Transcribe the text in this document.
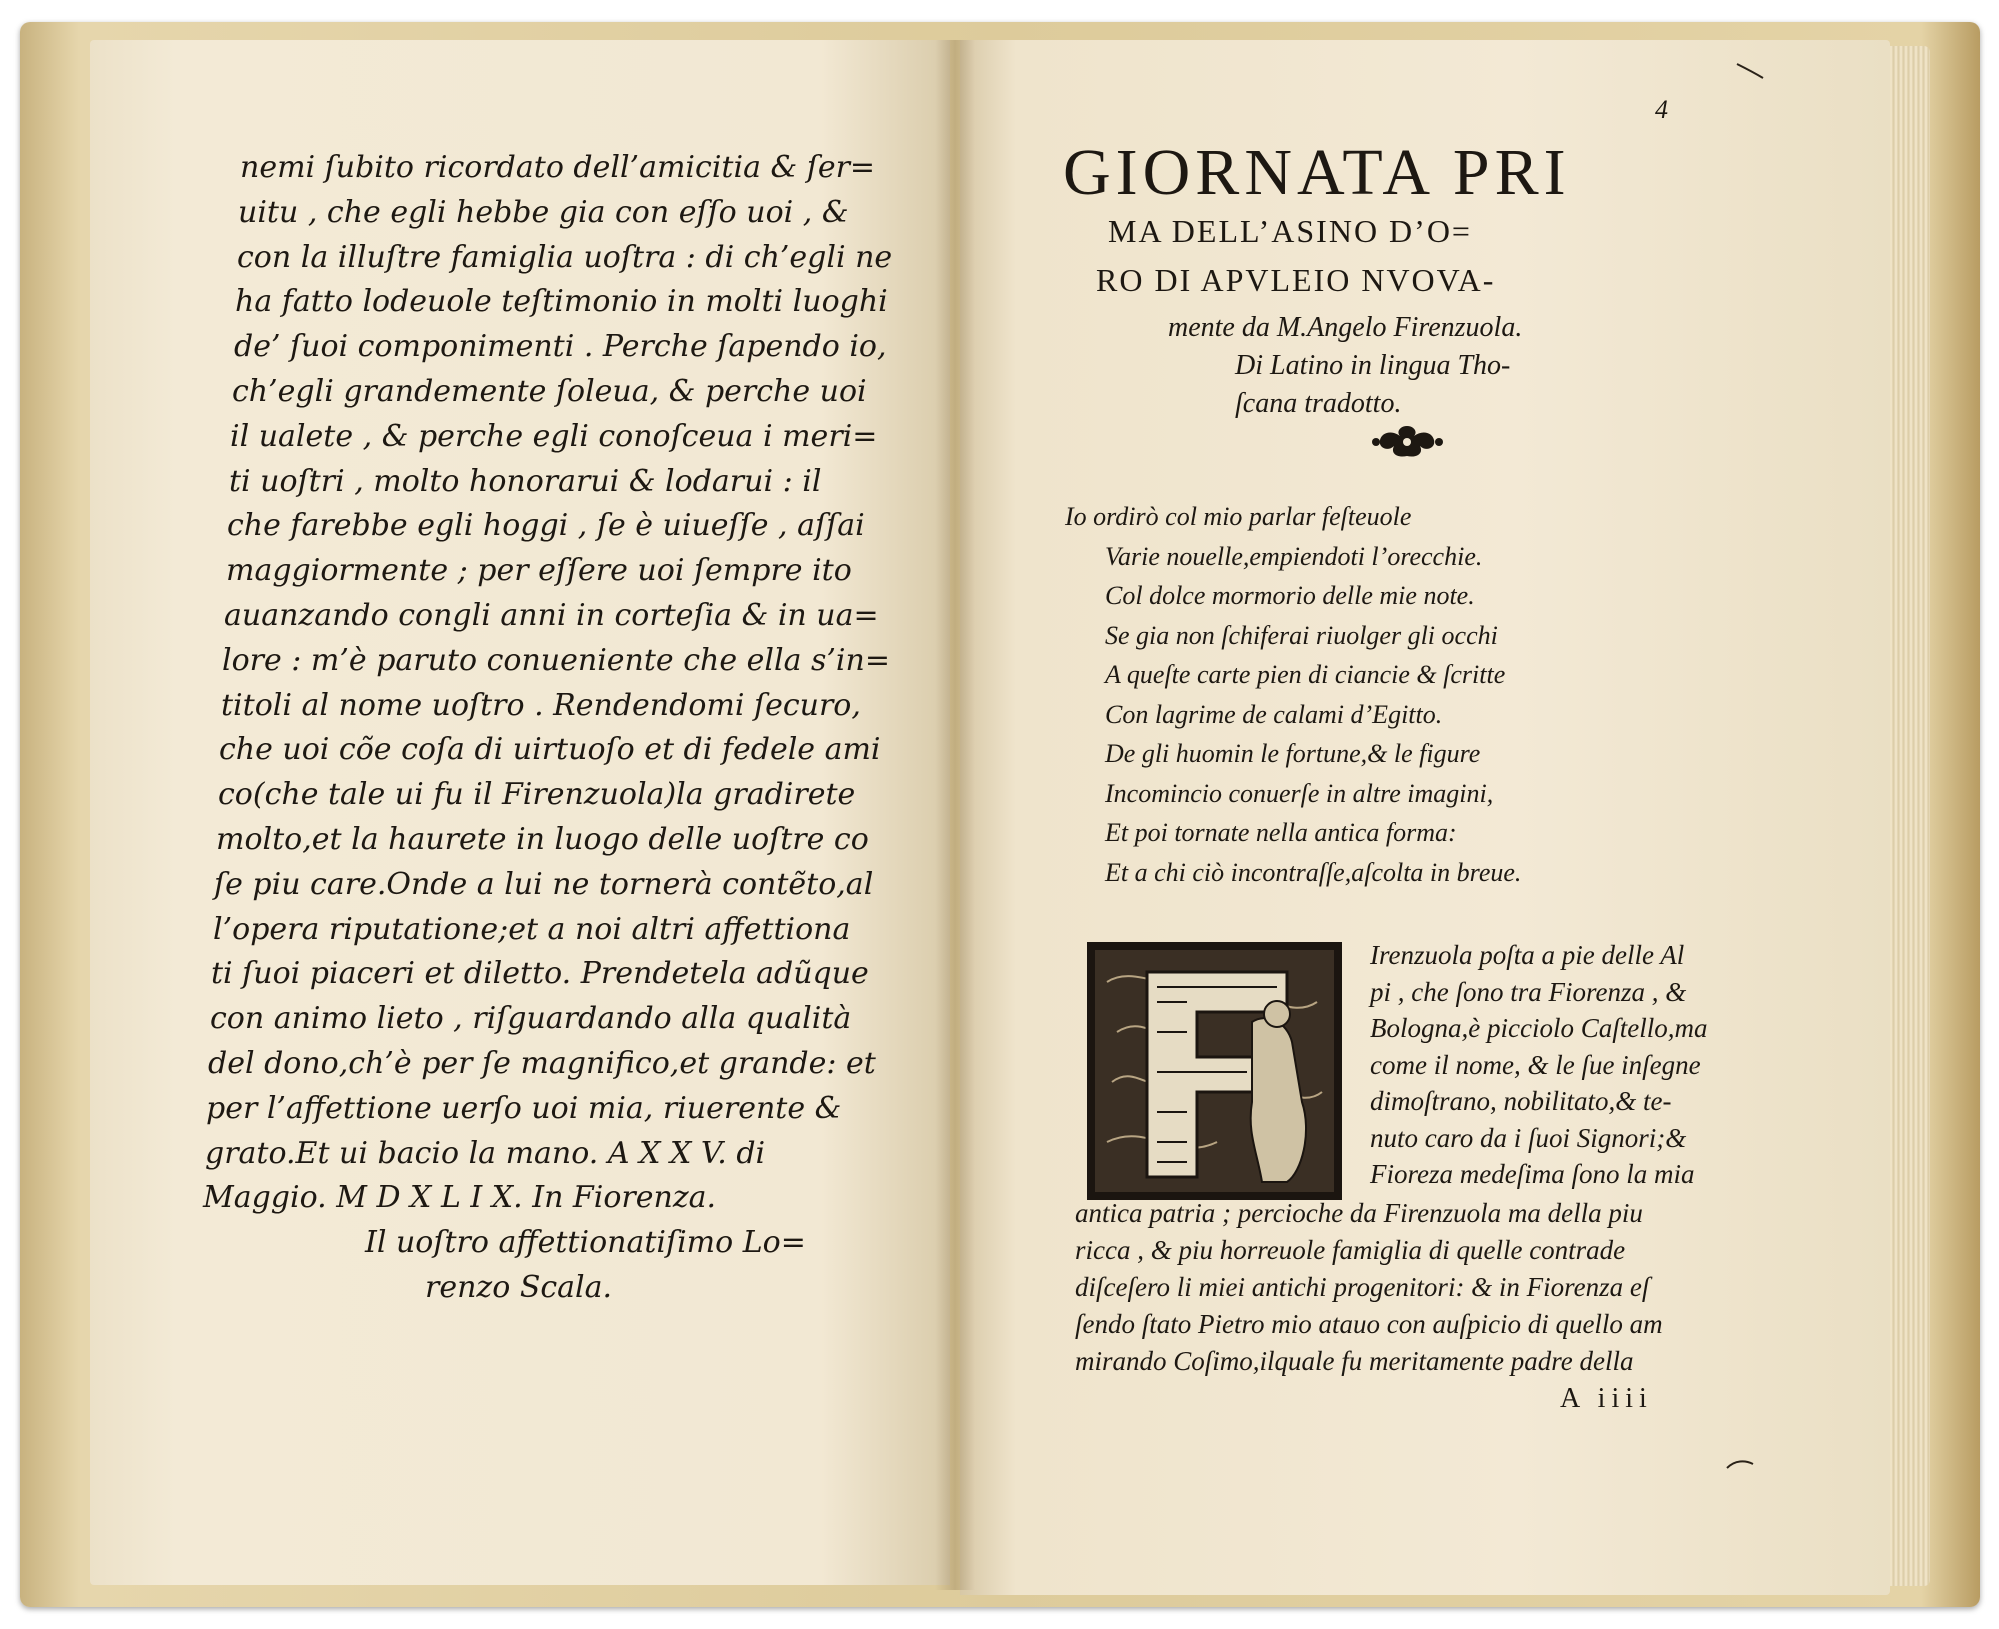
nemi ſubito ricordato dell’amicitia & ſer=
uitu , che egli hebbe gia con eſſo uoi , &
con la illuſtre famiglia uoſtra : di ch’egli ne
ha fatto lodeuole teſtimonio in molti luoghi
de’ ſuoi componimenti . Perche ſapendo io,
ch’egli grandemente ſoleua, & perche uoi
il ualete , & perche egli conoſceua i meri=
ti uoſtri , molto honorarui & lodarui : il
che farebbe egli hoggi , ſe è uiueſſe , aſſai
maggiormente ; per eſſere uoi ſempre ito
auanzando congli anni in corteſia & in ua=
lore : m’è paruto conueniente che ella s’in=
titoli al nome uoſtro . Rendendomi ſecuro,
che uoi cõe coſa di uirtuoſo et di fedele ami
co(che tale ui fu il Firenzuola)la gradirete
molto,et la haurete in luogo delle uoſtre co
ſe piu care.Onde a lui ne tornerà contẽto,al
l’opera riputatione;et a noi altri affettiona
ti ſuoi piaceri et diletto. Prendetela adũque
con animo lieto , riſguardando alla qualità
del dono,ch’è per ſe magnifico,et grande: et
per l’affettione uerſo uoi mia, riuerente &
grato.Et ui bacio la mano. A X X V. di
Maggio. M D X L I X. In Fiorenza.
Il uoſtro affettionatiſimo Lo=
renzo Scala.
4
GIORNATA PRI
MA DELL’ASINO D’O=
RO DI APVLEIO NVOVA-
mente da M.Angelo Firenzuola.
Di Latino in lingua Tho-
ſcana tradotto.
Io ordirò col mio parlar feſteuole
Varie nouelle,empiendoti l’orecchie.
Col dolce mormorio delle mie note.
Se gia non ſchiferai riuolger gli occhi
A queſte carte pien di ciancie & ſcritte
Con lagrime de calami d’Egitto.
De gli huomin le fortune,& le figure
Incomincio conuerſe in altre imagini,
Et poi tornate nella antica forma:
Et a chi ciò incontraſſe,aſcolta in breue.
Irenzuola poſta a pie delle Al
pi , che ſono tra Fiorenza , &
Bologna,è picciolo Caſtello,ma
come il nome, & le ſue inſegne
dimoſtrano, nobilitato,& te-
nuto caro da i ſuoi Signori;&
Fioreza medeſima ſono la mia
antica patria ; percioche da Firenzuola ma della piu
ricca , & piu horreuole famiglia di quelle contrade
diſceſero li miei antichi progenitori: & in Fiorenza eſ
ſendo ſtato Pietro mio atauo con auſpicio di quello am
mirando Coſimo,ilquale fu meritamente padre della
A iiii
